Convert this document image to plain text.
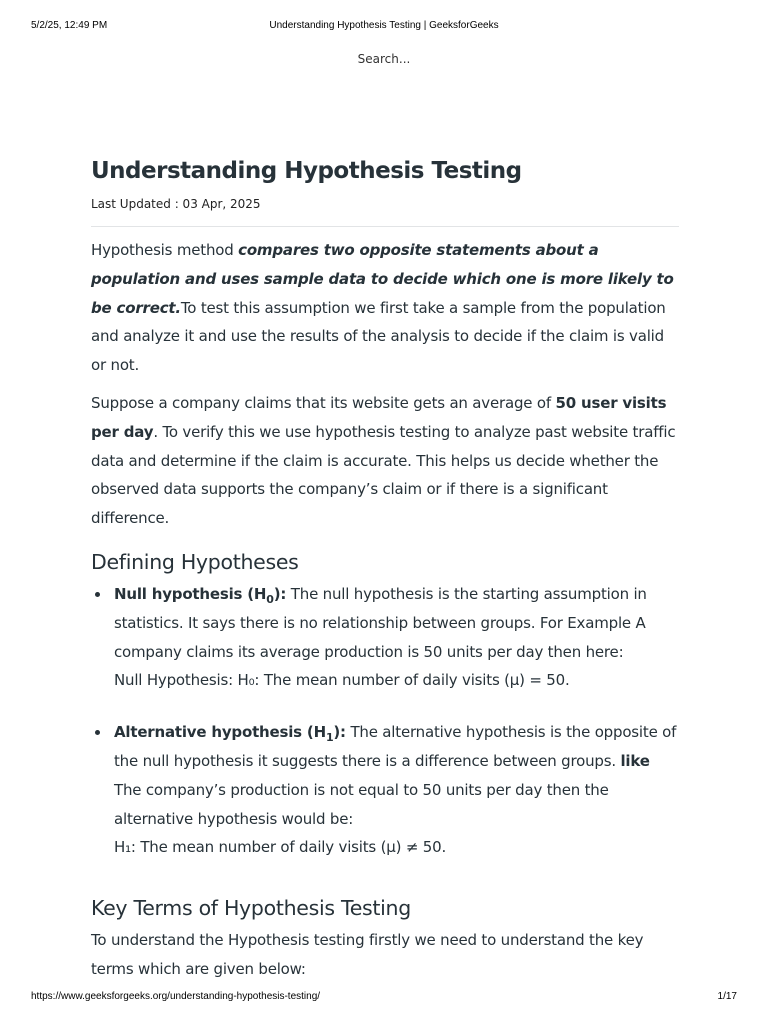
5/2/25, 12:49 PM	Understanding Hypothesis Testing | GeeksforGeeks
Search...
Understanding Hypothesis Testing
Last Updated : 03 Apr, 2025

Hypothesis method compares two opposite statements about a population and uses sample data to decide which one is more likely to be correct.To test this assumption we first take a sample from the population and analyze it and use the results of the analysis to decide if the claim is valid or not.

Suppose a company claims that its website gets an average of 50 user visits per day. To verify this we use hypothesis testing to analyze past website traffic data and determine if the claim is accurate. This helps us decide whether the observed data supports the company’s claim or if there is a significant difference.

Defining Hypotheses

Null hypothesis $(H_0)$: The null hypothesis is the starting assumption in statistics. It says there is no relationship between groups. For Example A company claims its average production is 50 units per day then here:
Null Hypothesis: H₀: The mean number of daily visits (μ) = 50.

Alternative hypothesis $(H_1)$: The alternative hypothesis is the opposite of the null hypothesis it suggests there is a difference between groups. like The company’s production is not equal to 50 units per day then the alternative hypothesis would be:
H₁: The mean number of daily visits (μ) ≠ 50.

Key Terms of Hypothesis Testing

To understand the Hypothesis testing firstly we need to understand the key terms which are given below:

https://www.geeksforgeeks.org/understanding-hypothesis-testing/	1/17
